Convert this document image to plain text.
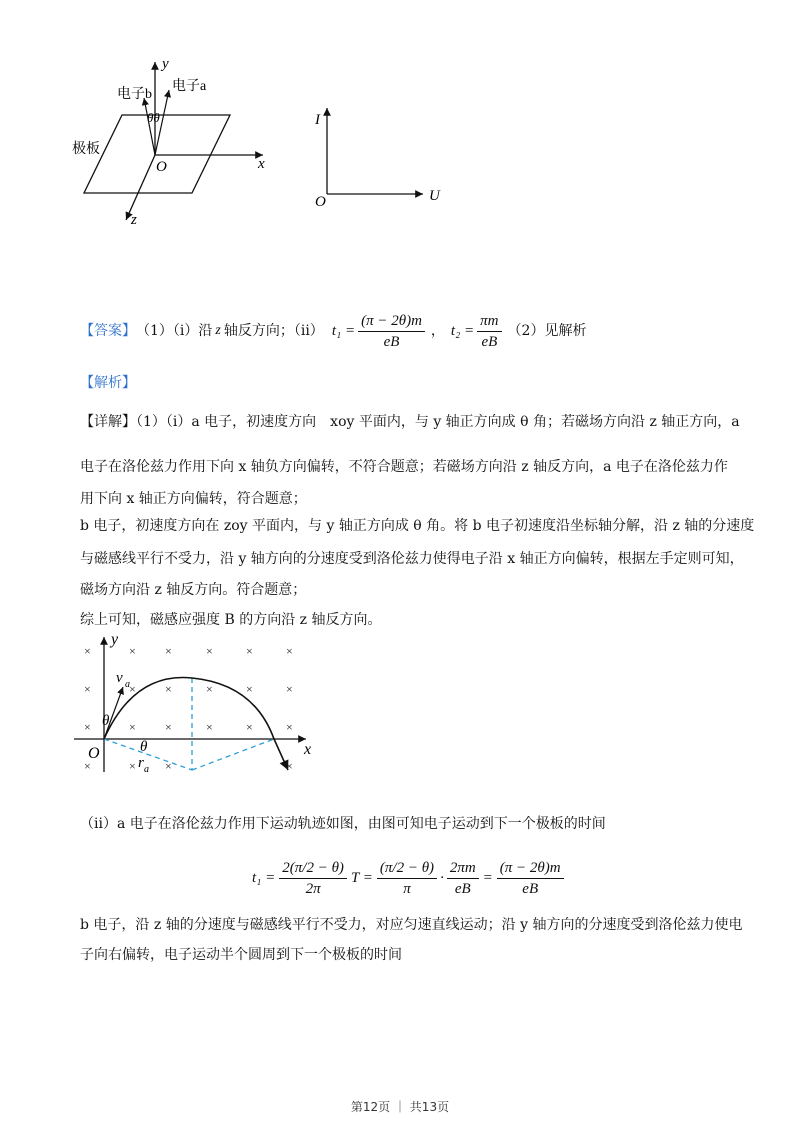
y
x
z
O
θθ
电子b
电子a
极板
I
U
O
【答案】 （1）（i）沿 z 轴反方向；（ii） $t_1 = \frac{(\pi - 2\theta)m}{eB}$ ， $t_2 = \frac{\pi m}{eB} (2)$见解析
【解析】
【详解】（1）（i）a 电子，初速度方向　xoy 平面内，与 y 轴正方向成 θ 角；若磁场方向沿 z 轴正方向，a
电子在洛伦兹力作用下向 x 轴负方向偏转，不符合题意；若磁场方向沿 z 轴反方向，a 电子在洛伦兹力作
用下向 x 轴正方向偏转，符合题意；
b 电子，初速度方向在 zoy 平面内，与 y 轴正方向成 θ 角。将 b 电子初速度沿坐标轴分解，沿 z 轴的分速度
与磁感线平行不受力，沿 y 轴方向的分速度受到洛伦兹力使得电子沿 x 轴正方向偏转，根据左手定则可知，
磁场方向沿 z 轴反方向。符合题意；
综上可知，磁感应强度 B 的方向沿 z 轴反方向。
×	× ×	×	×	×
×	× ×	×	×	×
×	× ×	×	×	×
×	× ×	×
y
x
O
v a
θ
θ
r a
（ii）a 电子在洛伦兹力作用下运动轨迹如图，由图可知电子运动到下一个极板的时间
$t_1 = \frac{2(\pi/2 - \theta)}{2\pi}$ $T = \frac{(\pi/2 - \theta)}{\pi} \cdot \frac{2\pi m}{eB} = \frac{(\pi - 2\theta)m}{eB}$
b 电子，沿 z 轴的分速度与磁感线平行不受力，对应匀速直线运动；沿 y 轴方向的分速度受到洛伦兹力使电
子向右偏转，电子运动半个圆周到下一个极板的时间
第12页 ｜ 共13页
